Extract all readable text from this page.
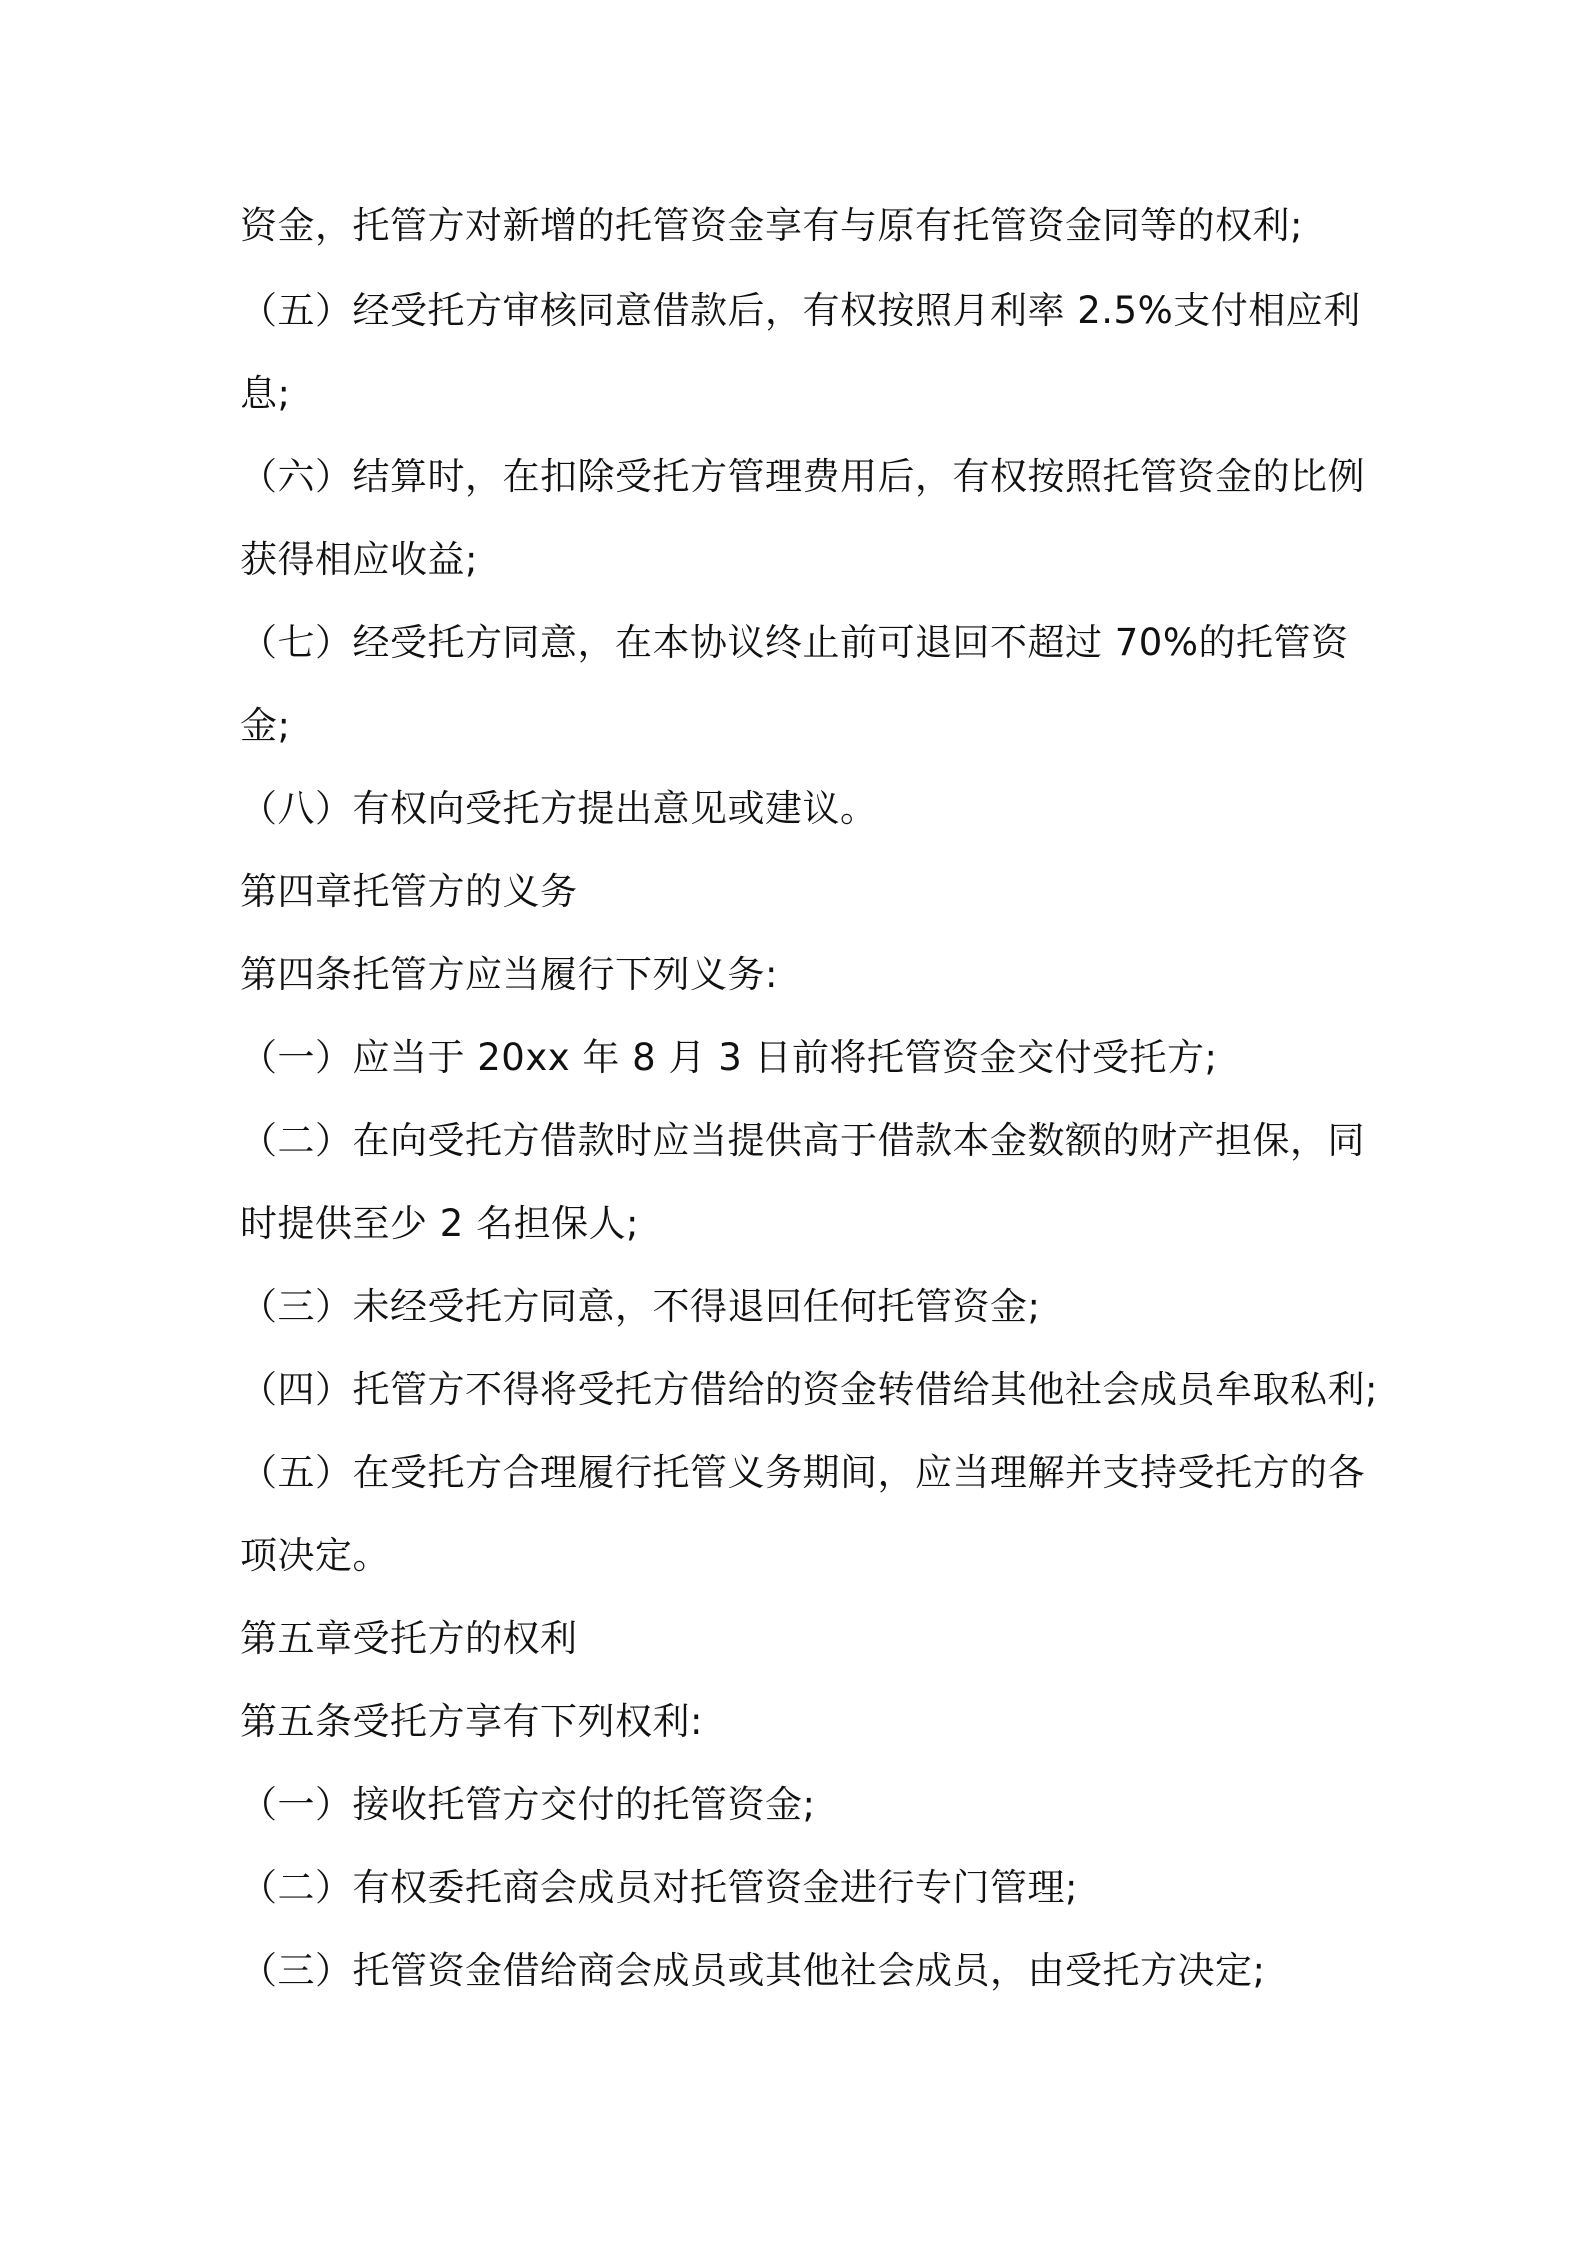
资金，托管方对新增的托管资金享有与原有托管资金同等的权利;
（五）经受托方审核同意借款后，有权按照月利率 2.5%支付相应利
息;
（六）结算时，在扣除受托方管理费用后，有权按照托管资金的比例
获得相应收益;
（七）经受托方同意，在本协议终止前可退回不超过 70%的托管资
金;
（八）有权向受托方提出意见或建议。
第四章托管方的义务
第四条托管方应当履行下列义务:
（一）应当于 20xx 年 8 月 3 日前将托管资金交付受托方;
（二）在向受托方借款时应当提供高于借款本金数额的财产担保，同
时提供至少 2 名担保人;
（三）未经受托方同意，不得退回任何托管资金;
（四）托管方不得将受托方借给的资金转借给其他社会成员牟取私利;
（五）在受托方合理履行托管义务期间，应当理解并支持受托方的各
项决定。
第五章受托方的权利
第五条受托方享有下列权利:
（一）接收托管方交付的托管资金;
（二）有权委托商会成员对托管资金进行专门管理;
（三）托管资金借给商会成员或其他社会成员，由受托方决定;
